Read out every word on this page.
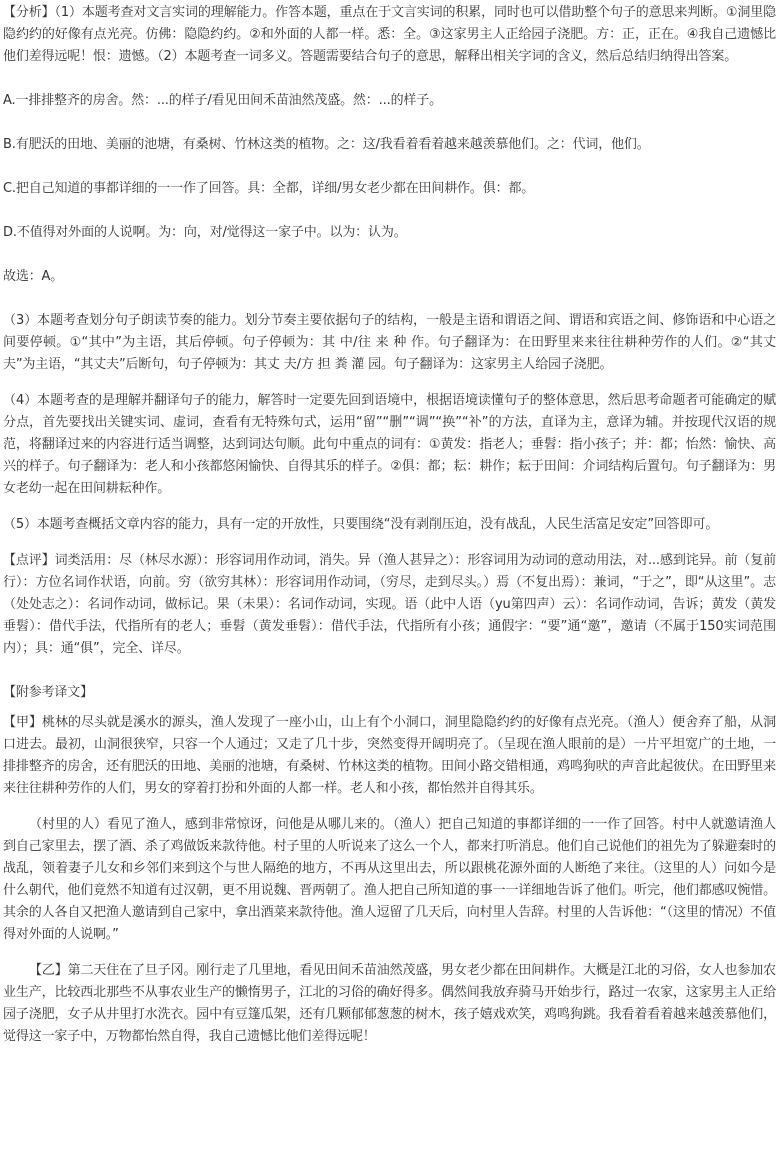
【分析】（1）本题考查对文言实词的理解能力。作答本题，重点在于文言实词的积累，同时也可以借助整个句子的意思来判断。①洞里隐隐约约的好像有点光亮。仿佛：隐隐约约。②和外面的人都一样。悉：全。③这家男主人正给园子浇肥。方：正，正在。④我自己遗憾比他们差得远呢！恨：遗憾。（2）本题考查一词多义。答题需要结合句子的意思，解释出相关字词的含义，然后总结归纳得出答案。

A.一排排整齐的房舍。然：...的样子/看见田间禾苗油然茂盛。然：...的样子。

B.有肥沃的田地、美丽的池塘，有桑树、竹林这类的植物。之：这/我看着看着越来越羡慕他们。之：代词，他们。

C.把自己知道的事都详细的一一作了回答。具：全都，详细/男女老少都在田间耕作。俱：都。

D.不值得对外面的人说啊。为：向，对/觉得这一家子中。以为：认为。

故选：A。

（3）本题考查划分句子朗读节奏的能力。划分节奏主要依据句子的结构，一般是主语和谓语之间、谓语和宾语之间、修饰语和中心语之间要停顿。①“其中”为主语，其后停顿。句子停顿为：其 中/往 来 种 作。句子翻译为：在田野里来来往往耕种劳作的人们。②“其丈夫”为主语，“其丈夫”后断句，句子停顿为：其丈 夫/方 担 粪 灌 园。句子翻译为：这家男主人给园子浇肥。

（4）本题考查的是理解并翻译句子的能力，解答时一定要先回到语境中，根据语境读懂句子的整体意思，然后思考命题者可能确定的赋分点，首先要找出关键实词、虚词，查看有无特殊句式，运用“留”“删”“调”“换”“补”的方法，直译为主，意译为辅。并按现代汉语的规范，将翻译过来的内容进行适当调整，达到词达句顺。此句中重点的词有：①黄发：指老人；垂髫：指小孩子；并：都；怡然：愉快、高兴的样子。句子翻译为：老人和小孩都悠闲愉快、自得其乐的样子。②俱：都；耘：耕作；耘于田间：介词结构后置句。句子翻译为：男女老幼一起在田间耕耘种作。

（5）本题考查概括文章内容的能力，具有一定的开放性，只要围绕“没有剥削压迫，没有战乱，人民生活富足安定”回答即可。

【点评】词类活用：尽（林尽水源）：形容词用作动词，消失。异（渔人甚异之）：形容词用为动词的意动用法，对...感到诧异。前（复前行）：方位名词作状语，向前。穷（欲穷其林）：形容词用作动词，（穷尽，走到尽头。）焉（不复出焉）：兼词，“于之”，即“从这里”。志（处处志之）：名词作动词，做标记。果（未果）：名词作动词，实现。语（此中人语（yu第四声）云）：名词作动词，告诉；黄发（黄发垂髫）：借代手法，代指所有的老人；垂髫（黄发垂髫）：借代手法，代指所有小孩；通假字：“要”通“邀”，邀请（不属于150实词范围内）；具：通“俱”，完全、详尽。

【附参考译文】

【甲】桃林的尽头就是溪水的源头，渔人发现了一座小山，山上有个小洞口，洞里隐隐约约的好像有点光亮。（渔人）便舍弃了船，从洞口进去。最初，山洞很狭窄，只容一个人通过；又走了几十步，突然变得开阔明亮了。（呈现在渔人眼前的是）一片平坦宽广的土地，一排排整齐的房舍，还有肥沃的田地、美丽的池塘，有桑树、竹林这类的植物。田间小路交错相通，鸡鸣狗吠的声音此起彼伏。在田野里来来往往耕种劳作的人们，男女的穿着打扮和外面的人都一样。老人和小孩，都怡然并自得其乐。

（村里的人）看见了渔人，感到非常惊讶，问他是从哪儿来的。（渔人）把自己知道的事都详细的一一作了回答。村中人就邀请渔人到自己家里去，摆了酒、杀了鸡做饭来款待他。村子里的人听说来了这么一个人，都来打听消息。他们自己说他们的祖先为了躲避秦时的战乱，领着妻子儿女和乡邻们来到这个与世人隔绝的地方，不再从这里出去，所以跟桃花源外面的人断绝了来往。（这里的人）问如今是什么朝代，他们竟然不知道有过汉朝，更不用说魏、晋两朝了。渔人把自己所知道的事一一详细地告诉了他们。听完，他们都感叹惋惜。其余的人各自又把渔人邀请到自己家中，拿出酒菜来款待他。渔人逗留了几天后，向村里人告辞。村里的人告诉他：“（这里的情况）不值得对外面的人说啊。”

【乙】第二天住在了旦子冈。刚行走了几里地，看见田间禾苗油然茂盛，男女老少都在田间耕作。大概是江北的习俗，女人也参加农业生产，比较西北那些不从事农业生产的懒惰男子，江北的习俗的确好得多。偶然间我放弃骑马开始步行，路过一农家，这家男主人正给园子浇肥，女子从井里打水洗衣。园中有豆篷瓜架，还有几颗郁郁葱葱的树木，孩子嬉戏欢笑，鸡鸣狗跳。我看着看着越来越羡慕他们，觉得这一家子中，万物都怡然自得，我自己遗憾比他们差得远呢！
